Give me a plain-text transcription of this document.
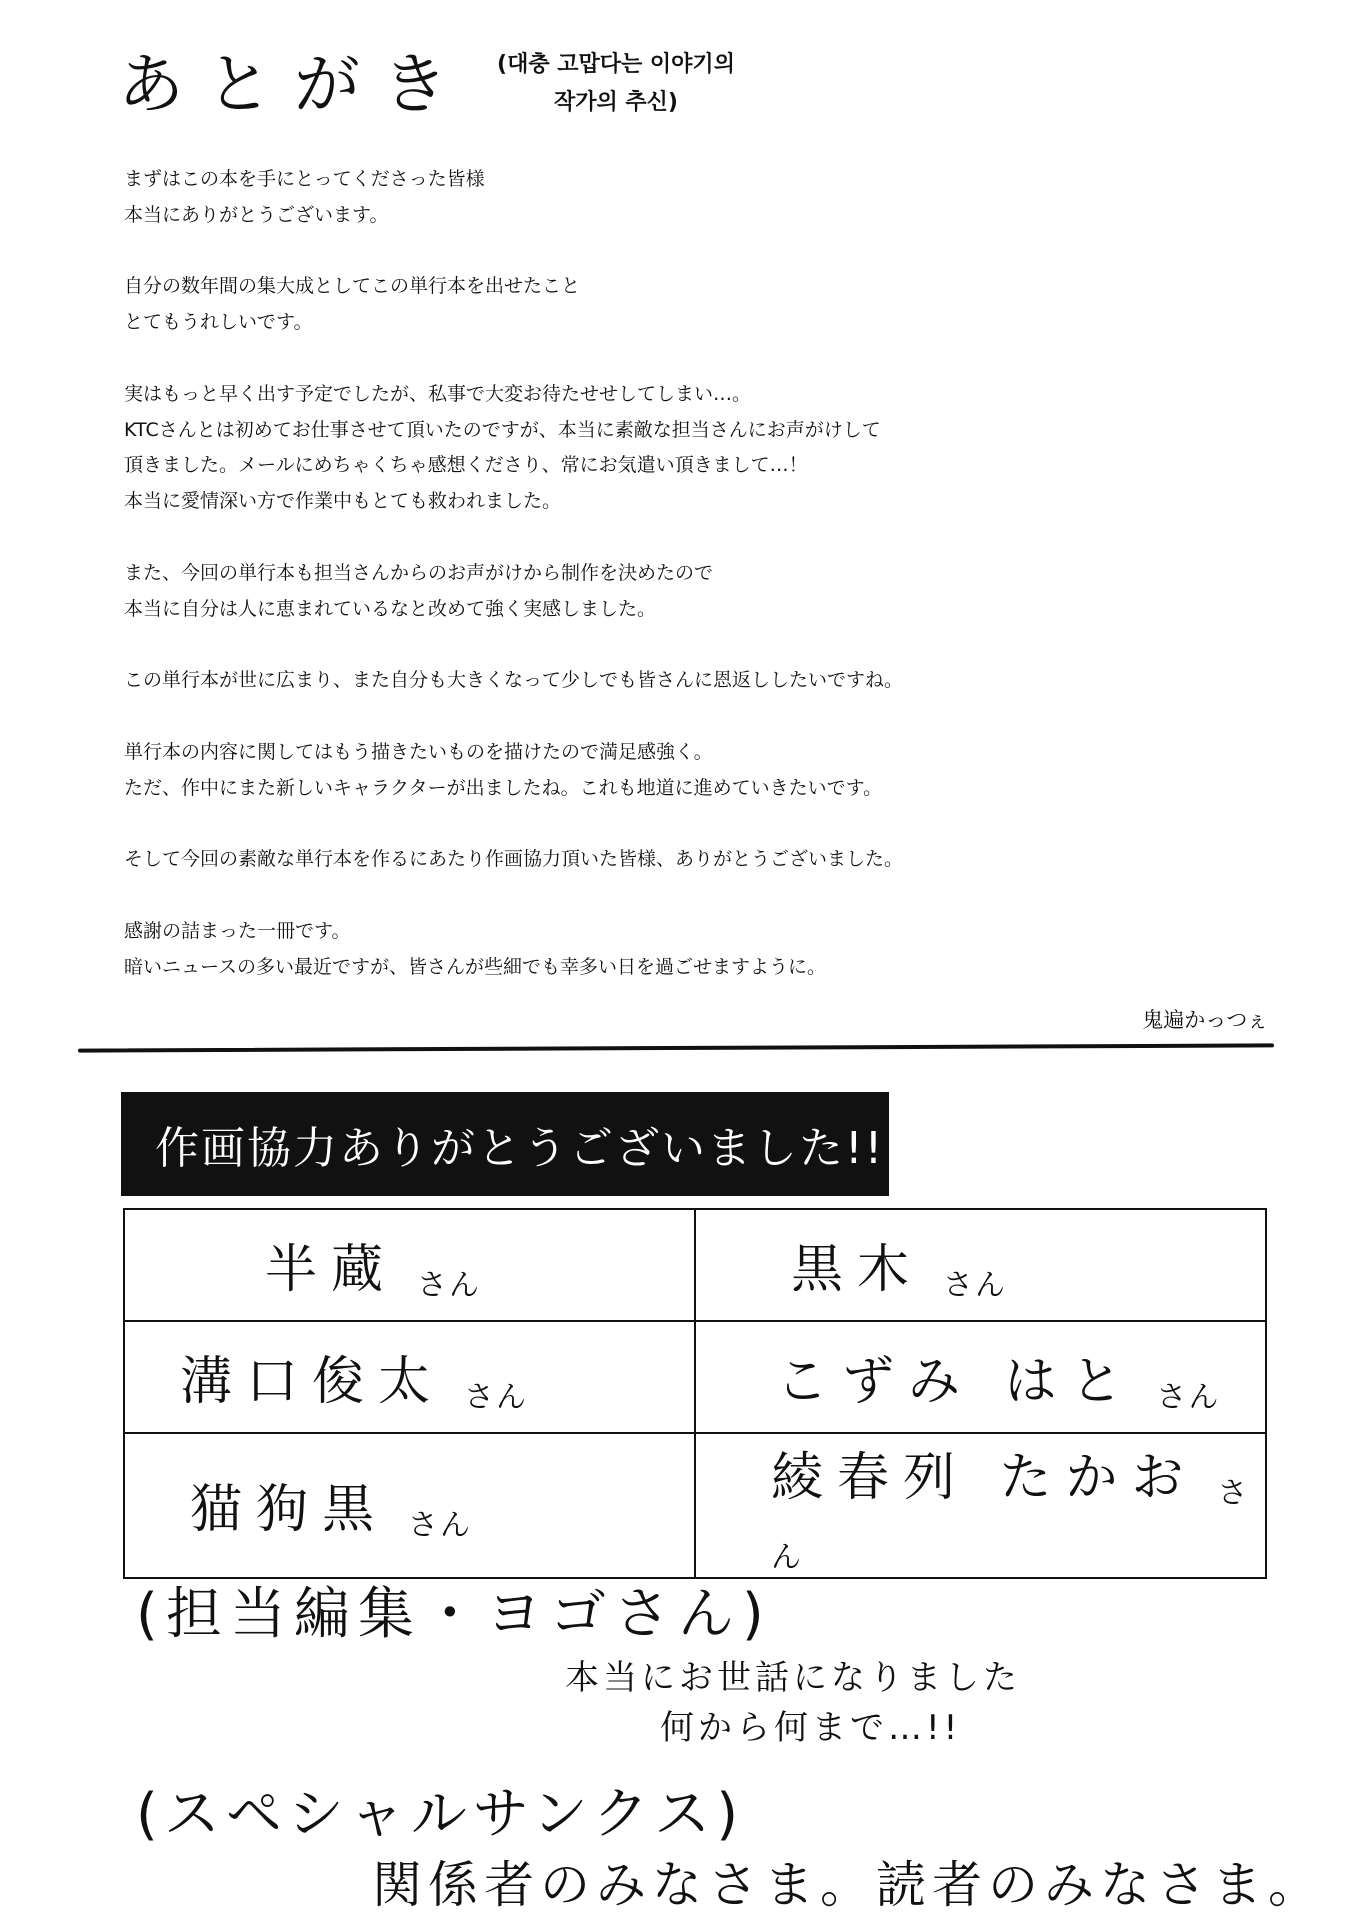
あとがき	(대충 고맙다는 이야기의
작가의 추신)

まずはこの本を手にとってくださった皆様

本当にありがとうございます。

自分の数年間の集大成としてこの単行本を出せたこと

とてもうれしいです。

実はもっと早く出す予定でしたが、私事で大変お待たせせしてしまい…。

KTCさんとは初めてお仕事させて頂いたのですが、本当に素敵な担当さんにお声がけして

頂きました。メールにめちゃくちゃ感想くださり、常にお気遣い頂きまして…！

本当に愛情深い方で作業中もとても救われました。

また、今回の単行本も担当さんからのお声がけから制作を決めたので

本当に自分は人に恵まれているなと改めて強く実感しました。

この単行本が世に広まり、また自分も大きくなって少しでも皆さんに恩返ししたいですね。

単行本の内容に関してはもう描きたいものを描けたので満足感強く。

ただ、作中にまた新しいキャラクターが出ましたね。これも地道に進めていきたいです。

そして今回の素敵な単行本を作るにあたり作画協力頂いた皆様、ありがとうございました。

感謝の詰まった一冊です。

暗いニュースの多い最近ですが、皆さんが些細でも幸多い日を過ごせますように。

鬼遍かっつぇ
作画協力ありがとうございました!!
半蔵 さん	黒木 さん
溝口俊太 さん	こずみ はと さん
猫狗黒 さん	綾春列 たかお さん
(担当編集・ヨゴさん)
本当にお世話になりました
何から何まで…!!
(スペシャルサンクス)
関係者のみなさま。読者のみなさま。
